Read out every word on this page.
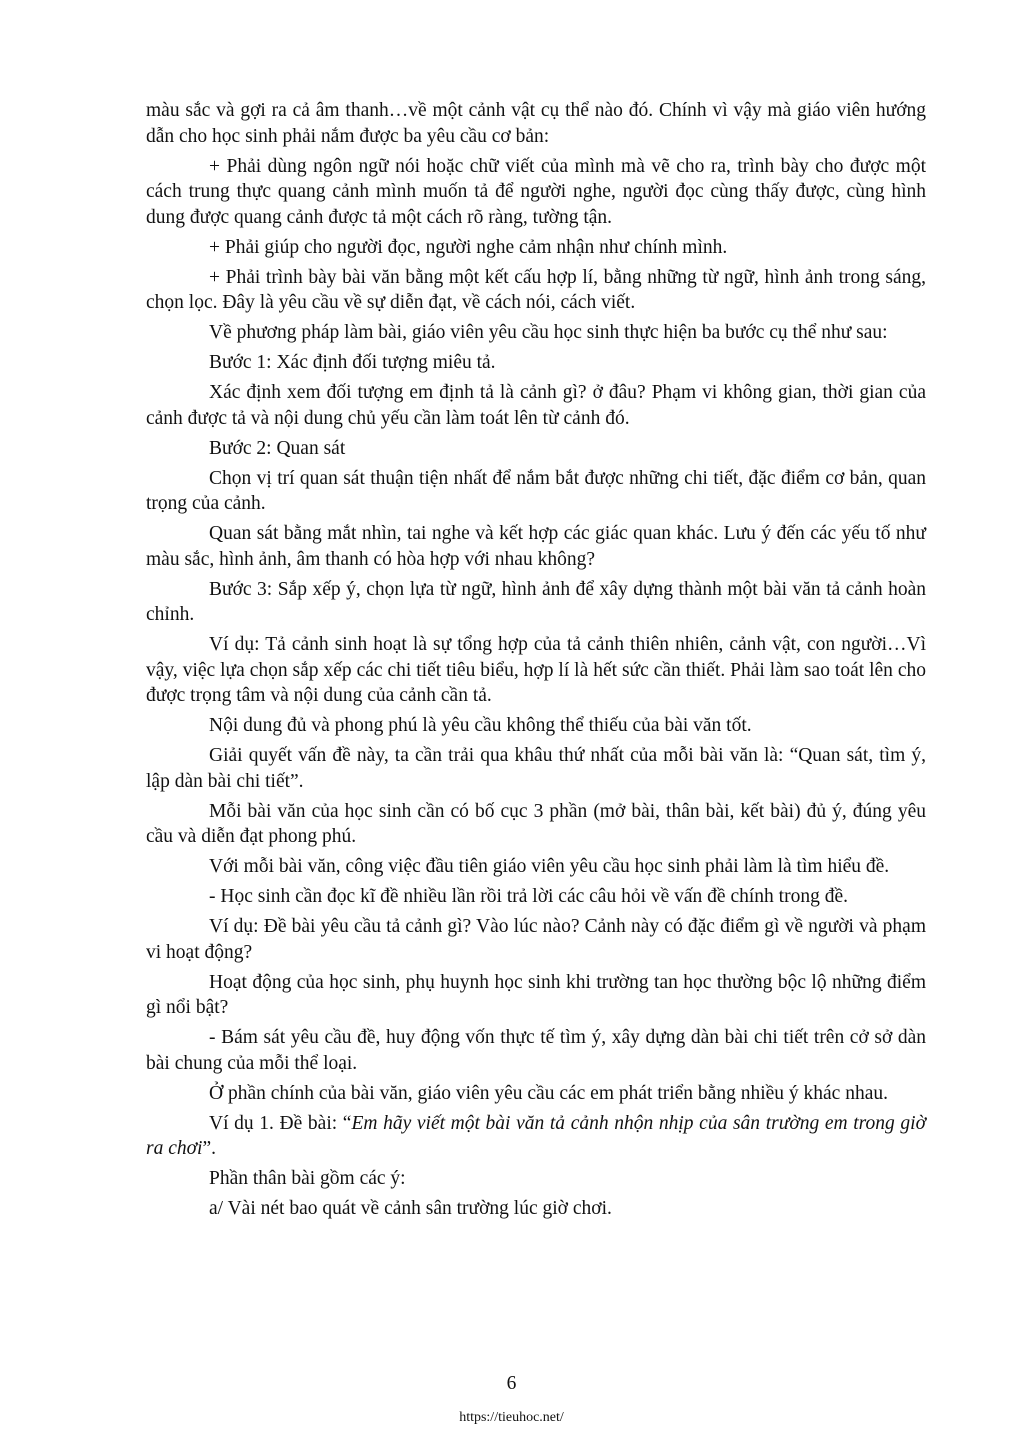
màu sắc và gợi ra cả âm thanh…về một cảnh vật cụ thể nào đó. Chính vì vậy mà giáo viên hướng dẫn cho học sinh phải nắm được ba yêu cầu cơ bản:

+ Phải dùng ngôn ngữ nói hoặc chữ viết của mình mà vẽ cho ra, trình bày cho được một cách trung thực quang cảnh mình muốn tả để người nghe, người đọc cùng thấy được, cùng hình dung được quang cảnh được tả một cách rõ ràng, tường tận.

+ Phải giúp cho người đọc, người nghe cảm nhận như chính mình.

+ Phải trình bày bài văn bằng một kết cấu hợp lí, bằng những từ ngữ, hình ảnh trong sáng, chọn lọc. Đây là yêu cầu về sự diễn đạt, về cách nói, cách viết.

Về phương pháp làm bài, giáo viên yêu cầu học sinh thực hiện ba bước cụ thể như sau:

Bước 1: Xác định đối tượng miêu tả.

Xác định xem đối tượng em định tả là cảnh gì? ở đâu? Phạm vi không gian, thời gian của cảnh được tả và nội dung chủ yếu cần làm toát lên từ cảnh đó.

Bước 2: Quan sát

Chọn vị trí quan sát thuận tiện nhất để nắm bắt được những chi tiết, đặc điểm cơ bản, quan trọng của cảnh.

Quan sát bằng mắt nhìn, tai nghe và kết hợp các giác quan khác. Lưu ý đến các yếu tố như màu sắc, hình ảnh, âm thanh có hòa hợp với nhau không?

Bước 3: Sắp xếp ý, chọn lựa từ ngữ, hình ảnh để xây dựng thành một bài văn tả cảnh hoàn chỉnh.

Ví dụ: Tả cảnh sinh hoạt là sự tổng hợp của tả cảnh thiên nhiên, cảnh vật, con người…Vì vậy, việc lựa chọn sắp xếp các chi tiết tiêu biểu, hợp lí là hết sức cần thiết. Phải làm sao toát lên cho được trọng tâm và nội dung của cảnh cần tả.

Nội dung đủ và phong phú là yêu cầu không thể thiếu của bài văn tốt.

Giải quyết vấn đề này, ta cần trải qua khâu thứ nhất của mỗi bài văn là: “Quan sát, tìm ý, lập dàn bài chi tiết”.

Mỗi bài văn của học sinh cần có bố cục 3 phần (mở bài, thân bài, kết bài) đủ ý, đúng yêu cầu và diễn đạt phong phú.

Với mỗi bài văn, công việc đầu tiên giáo viên yêu cầu học sinh phải làm là tìm hiểu đề.

- Học sinh cần đọc kĩ đề nhiều lần rồi trả lời các câu hỏi về vấn đề chính trong đề.

Ví dụ: Đề bài yêu cầu tả cảnh gì? Vào lúc nào? Cảnh này có đặc điểm gì về người và phạm vi hoạt động?

Hoạt động của học sinh, phụ huynh học sinh khi trường tan học thường bộc lộ những điểm gì nổi bật?

- Bám sát yêu cầu đề, huy động vốn thực tế tìm ý, xây dựng dàn bài chi tiết trên cở sở dàn bài chung của mỗi thể loại.

Ở phần chính của bài văn, giáo viên yêu cầu các em phát triển bằng nhiều ý khác nhau.

Ví dụ 1. Đề bài: “Em hãy viết một bài văn tả cảnh nhộn nhịp của sân trường em trong giờ ra chơi”.

Phần thân bài gồm các ý:

a/ Vài nét bao quát về cảnh sân trường lúc giờ chơi.

6
https://tieuhoc.net/
